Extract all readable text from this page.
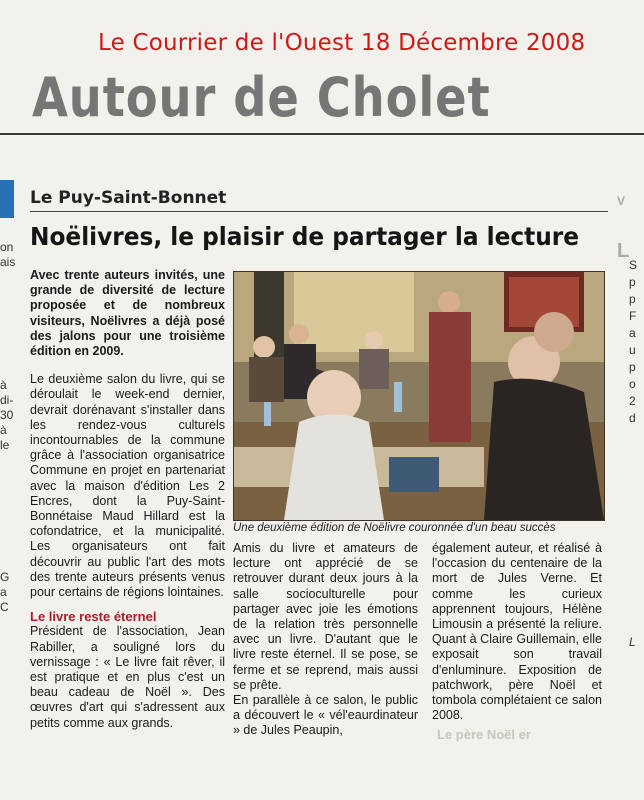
Le Courrier de l'Ouest 18 Décembre 2008
Autour de Cholet
on
ais
à
di-
30
à
le
G
a
C
V
L
S
p
p
F
a
u
p
o
2
d
L
Le Puy-Saint-Bonnet
Noëlivres, le plaisir de partager la lecture

Avec trente auteurs invités, une grande de diversité de lecture proposée et de nombreux visiteurs, Noëlivres a déjà posé des jalons pour une troisième édition en 2009.

Le deuxième salon du livre, qui se déroulait le week-end dernier, devrait dorénavant s'installer dans les rendez-vous culturels incontournables de la commune grâce à l'association organisatrice Commune en projet en partenariat avec la maison d'édition Les 2 Encres, dont la Puy-Saint-Bonnétaise Maud Hillard est la cofondatrice, et la municipalité. Les organisateurs ont fait découvrir au public l'art des mots des trente auteurs présents venus pour certains de régions lointaines.

Le livre reste éternel

Président de l'association, Jean Rabiller, a souligné lors du vernissage : « Le livre fait rêver, il est pratique et en plus c'est un beau cadeau de Noël ». Des œuvres d'art qui s'adressent aux petits comme aux grands.

Une deuxième édition de Noëlivre couronnée d'un beau succès

Amis du livre et amateurs de lecture ont apprécié de se retrouver durant deux jours à la salle socioculturelle pour partager avec joie les émotions de la relation très personnelle avec un livre. D'autant que le livre reste éternel. Il se pose, se ferme et se reprend, mais aussi se prête.

En parallèle à ce salon, le public a découvert le « vél'eaurdinateur » de Jules Peaupin,

également auteur, et réalisé à l'occasion du centenaire de la mort de Jules Verne. Et comme les curieux apprennent toujours, Hélène Limousin a présenté la reliure. Quant à Claire Guillemain, elle exposait son travail d'enluminure. Exposition de patchwork, père Noël et tombola complétaient ce salon 2008.

Le père Noël er
